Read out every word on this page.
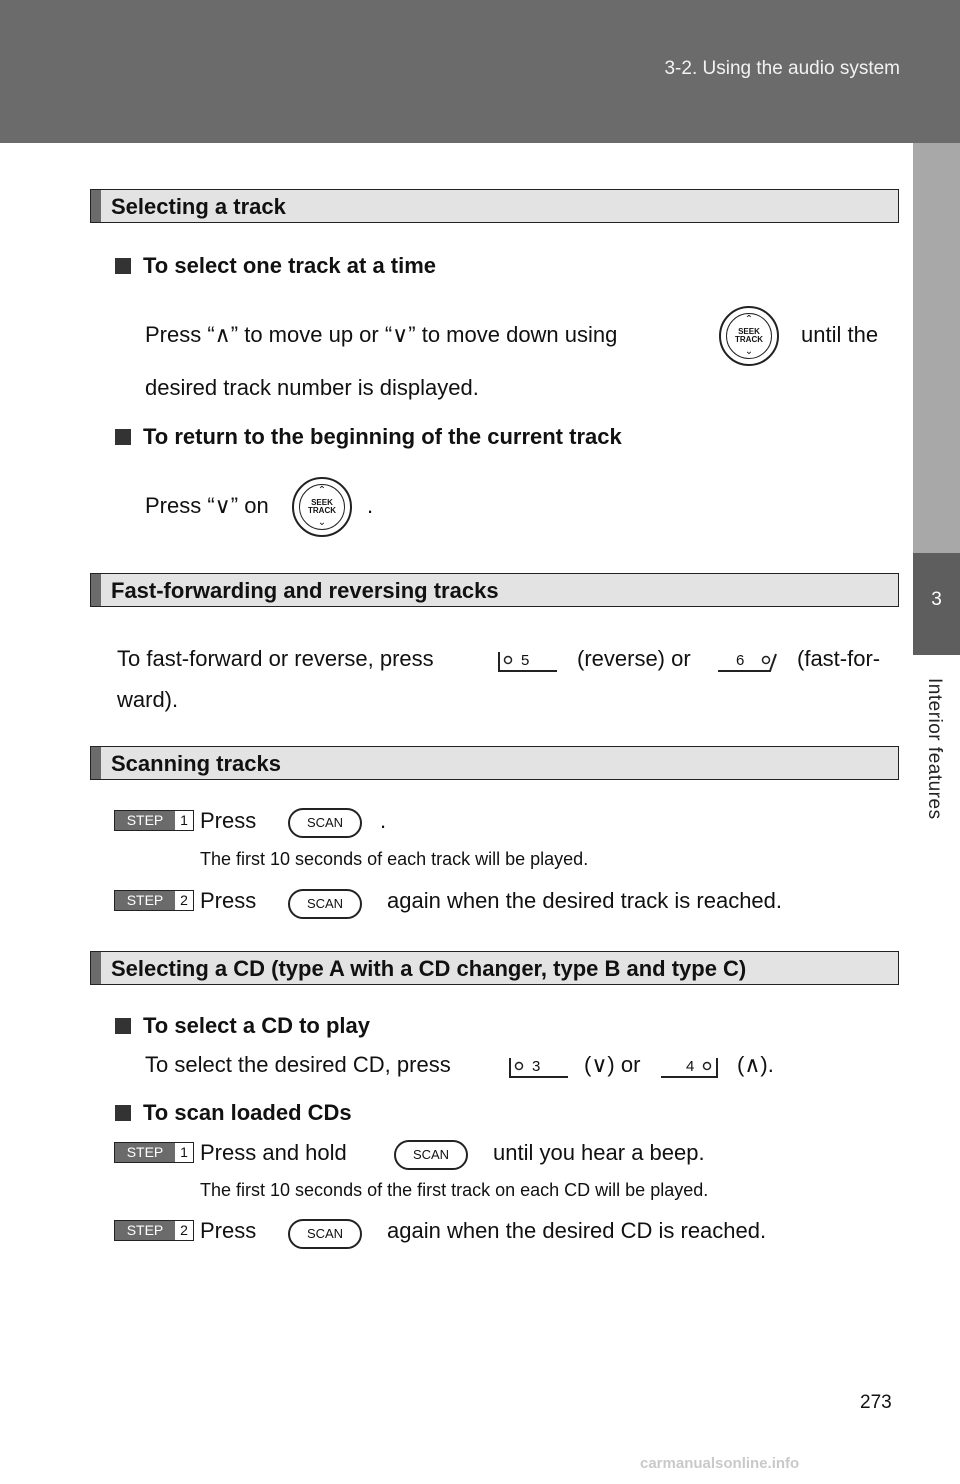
3-2. Using the audio system
3
Interior features
Selecting a track
To select one track at a time
Press “∧” to move up or “∨” to move down using
⌃
SEEK
TRACK
⌄
until the
desired track number is displayed.
To return to the beginning of the current track
Press “∨” on
⌃
SEEK
TRACK
⌄
.
Fast-forwarding and reversing tracks
To fast-forward or reverse, press	5 (reverse) or	6 (fast-for-
ward).
Scanning tracks
STEP	1 Press	SCAN	.
The first 10 seconds of each track will be played.
STEP	2 Press	SCAN	again when the desired track is reached.
Selecting a CD (type A with a CD changer, type B and type C)
To select a CD to play
To select the desired CD, press	3 (∨) or	4 (∧).
To scan loaded CDs
STEP	1 Press and hold	SCAN	until you hear a beep.
The first 10 seconds of the first track on each CD will be played.
STEP	2 Press	SCAN	again when the desired CD is reached.
273
carmanualsonline.info
